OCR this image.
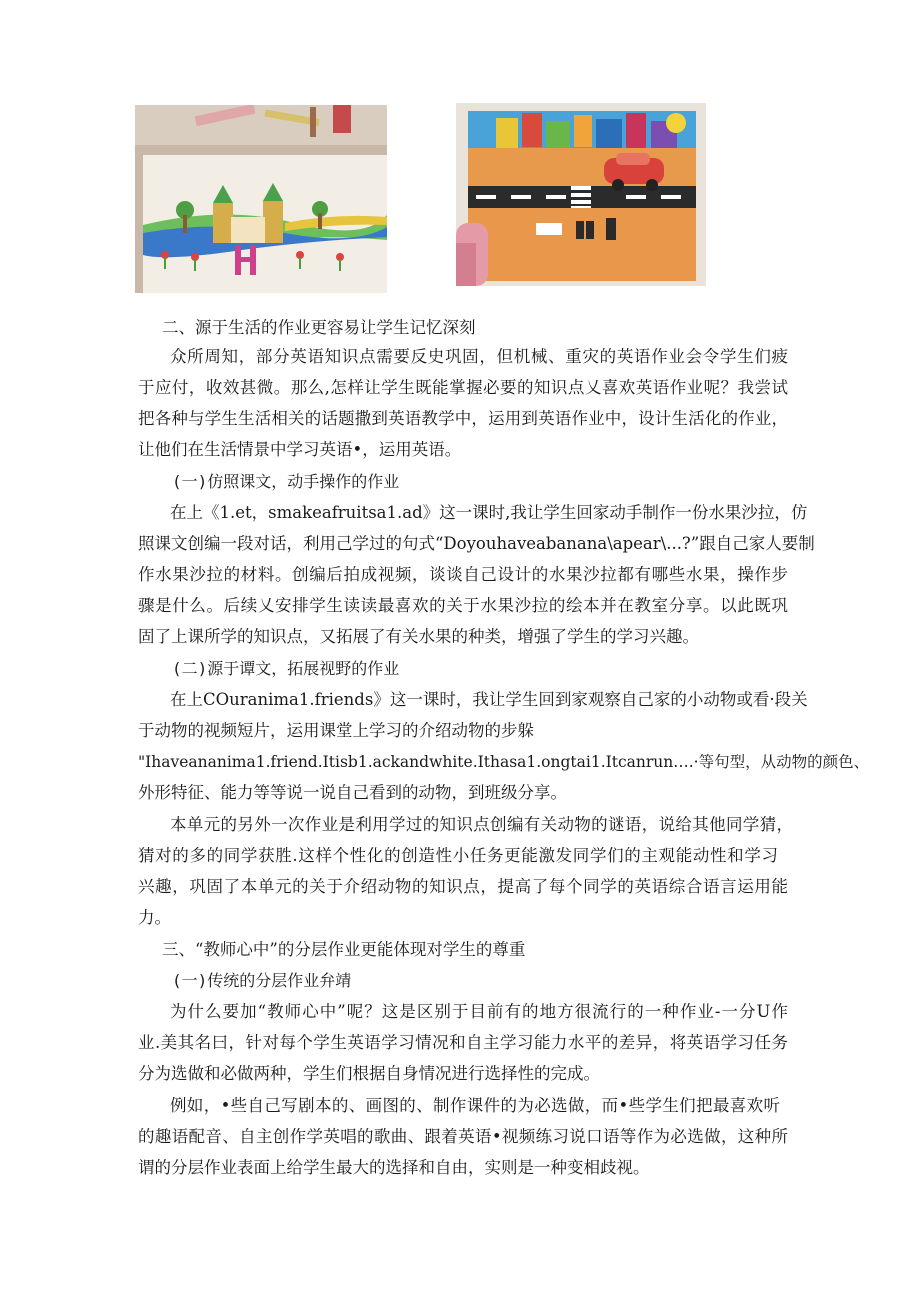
二、源于生活的作业更容易让学生记忆深刻
众所周知，部分英语知识点需要反史巩固，但机械、重灾的英语作业会令学生们疲
于应付，收效甚微。那么,怎样让学生既能掌握必要的知识点乂喜欢英语作业呢？我尝试
把各种与学生生活相关的话题撒到英语教学中，运用到英语作业中，设计生活化的作业，
让他们在生活情景中学习英语•，运用英语。
(一)仿照课文，动手操作的作业
在上《1.et，smakeafruitsa1.ad》这一课时,我让学生回家动手制作一份水果沙拉，仿
照课文创编一段对话，利用己学过的句式“Doyouhaveabanana\apear\...?”跟自己家人要制
作水果沙拉的材料。创编后拍成视频，谈谈自己设计的水果沙拉都有哪些水果，操作步
骤是什么。后续乂安排学生读读最喜欢的关于水果沙拉的绘本并在教室分享。以此既巩
固了上课所学的知识点，又拓展了有关水果的种类，增强了学生的学习兴趣。
(二)源于谭文，拓展视野的作业
在上COuranima1.friends》这一课时，我让学生回到家观察自己家的小动物或看·段关
于动物的视频短片，运用课堂上学习的介绍动物的步躲
"Ihaveananima1.friend.Itisb1.ackandwhite.Ithasa1.ongtai1.Itcanrun….·等句型，从动物的颜色、
外形特征、能力等等说一说自己看到的动物，到班级分享。
本单元的另外一次作业是利用学过的知识点创编有关动物的谜语，说给其他同学猜，
猜对的多的同学获胜.这样个性化的创造性小任务更能激发同学们的主观能动性和学习
兴趣，巩固了本单元的关于介绍动物的知识点，提高了每个同学的英语综合语言运用能
力。
三、“教师心中”的分层作业更能体现对学生的尊重
(一)传统的分层作业弁靖
为什么要加“教师心中”呢？这是区别于目前有的地方很流行的一种作业-一分U作
业.美其名曰，针对每个学生英语学习情况和自主学习能力水平的差异，将英语学习任务
分为选做和必做两种，学生们根据自身情况进行选择性的完成。
例如，•些自己写剧本的、画图的、制作课件的为必选做，而•些学生们把最喜欢听
的趣语配音、自主创作学英唱的歌曲、跟着英语•视频练习说口语等作为必选做，这种所
谓的分层作业表面上给学生最大的选择和自由，实则是一种变相歧视。
